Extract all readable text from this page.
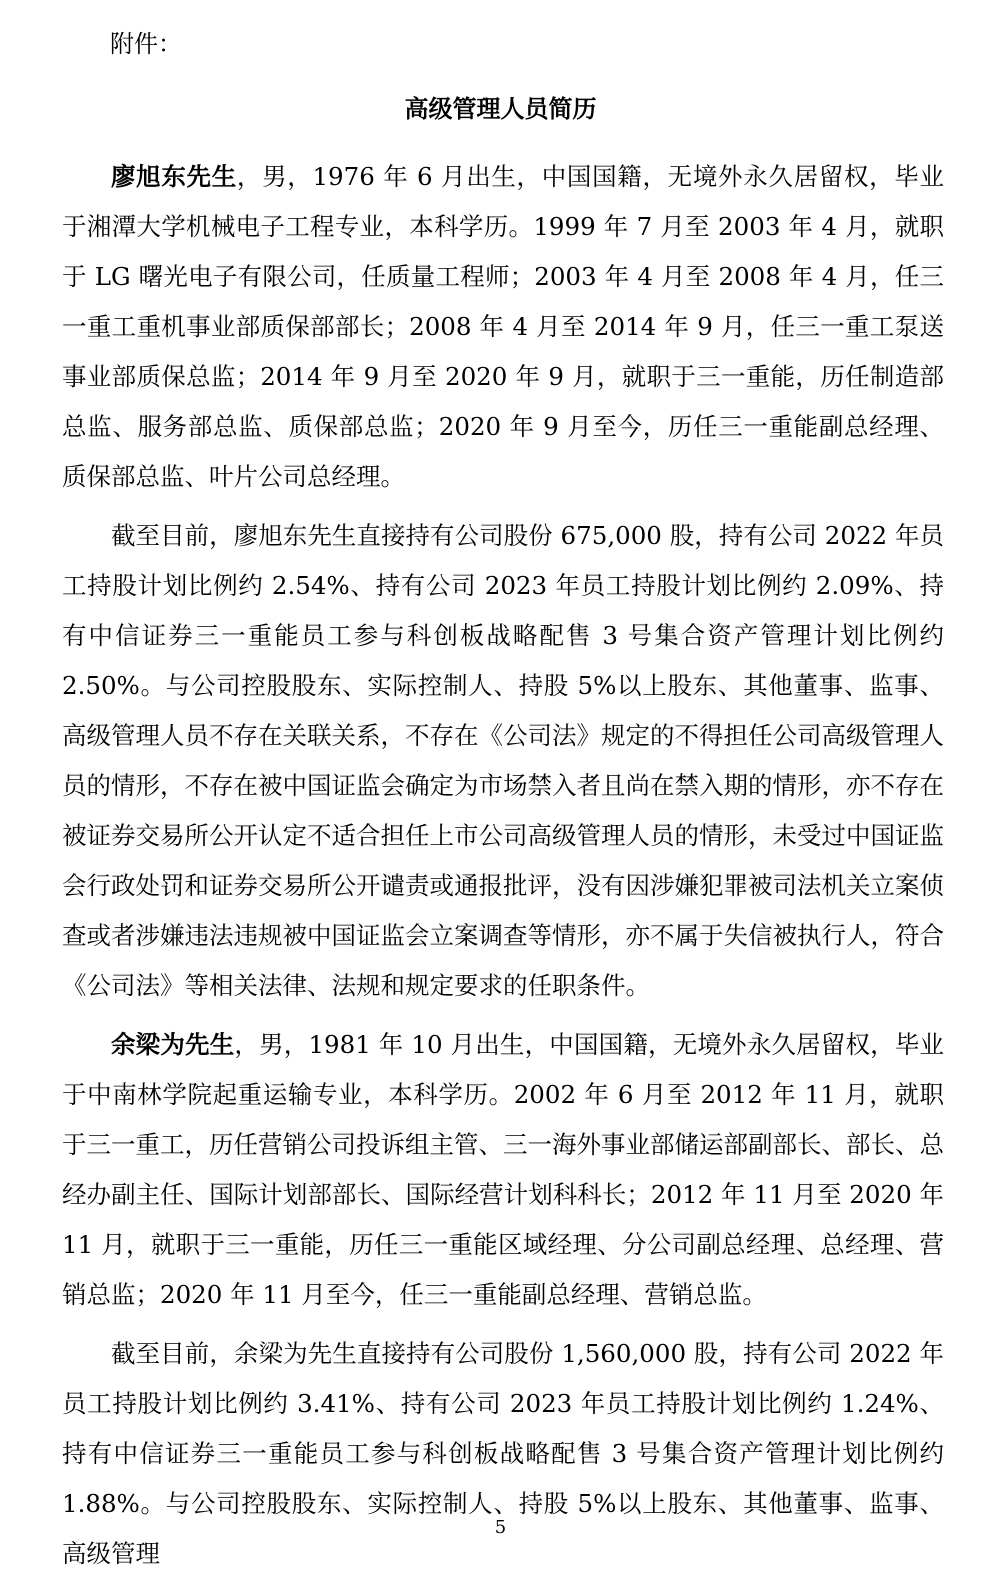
附件：

高级管理人员简历

廖旭东先生，男，1976 年 6 月出生，中国国籍，无境外永久居留权，毕业于湘潭大学机械电子工程专业，本科学历。1999 年 7 月至 2003 年 4 月，就职于 LG 曙光电子有限公司，任质量工程师；2003 年 4 月至 2008 年 4 月，任三一重工重机事业部质保部部长；2008 年 4 月至 2014 年 9 月，任三一重工泵送事业部质保总监；2014 年 9 月至 2020 年 9 月，就职于三一重能，历任制造部总监、服务部总监、质保部总监；2020 年 9 月至今，历任三一重能副总经理、质保部总监、叶片公司总经理。

截至目前，廖旭东先生直接持有公司股份 675,000 股，持有公司 2022 年员工持股计划比例约 2.54%、持有公司 2023 年员工持股计划比例约 2.09%、持有中信证券三一重能员工参与科创板战略配售 3 号集合资产管理计划比例约 2.50%。与公司控股股东、实际控制人、持股 5%以上股东、其他董事、监事、高级管理人员不存在关联关系，不存在《公司法》规定的不得担任公司高级管理人员的情形，不存在被中国证监会确定为市场禁入者且尚在禁入期的情形，亦不存在被证券交易所公开认定不适合担任上市公司高级管理人员的情形，未受过中国证监会行政处罚和证券交易所公开谴责或通报批评，没有因涉嫌犯罪被司法机关立案侦查或者涉嫌违法违规被中国证监会立案调查等情形，亦不属于失信被执行人，符合《公司法》等相关法律、法规和规定要求的任职条件。

余梁为先生，男，1981 年 10 月出生，中国国籍，无境外永久居留权，毕业于中南林学院起重运输专业，本科学历。2002 年 6 月至 2012 年 11 月，就职于三一重工，历任营销公司投诉组主管、三一海外事业部储运部副部长、部长、总经办副主任、国际计划部部长、国际经营计划科科长；2012 年 11 月至 2020 年 11 月，就职于三一重能，历任三一重能区域经理、分公司副总经理、总经理、营销总监；2020 年 11 月至今，任三一重能副总经理、营销总监。

截至目前，余梁为先生直接持有公司股份 1,560,000 股，持有公司 2022 年员工持股计划比例约 3.41%、持有公司 2023 年员工持股计划比例约 1.24%、持有中信证券三一重能员工参与科创板战略配售 3 号集合资产管理计划比例约 1.88%。与公司控股股东、实际控制人、持股 5%以上股东、其他董事、监事、高级管理

5
